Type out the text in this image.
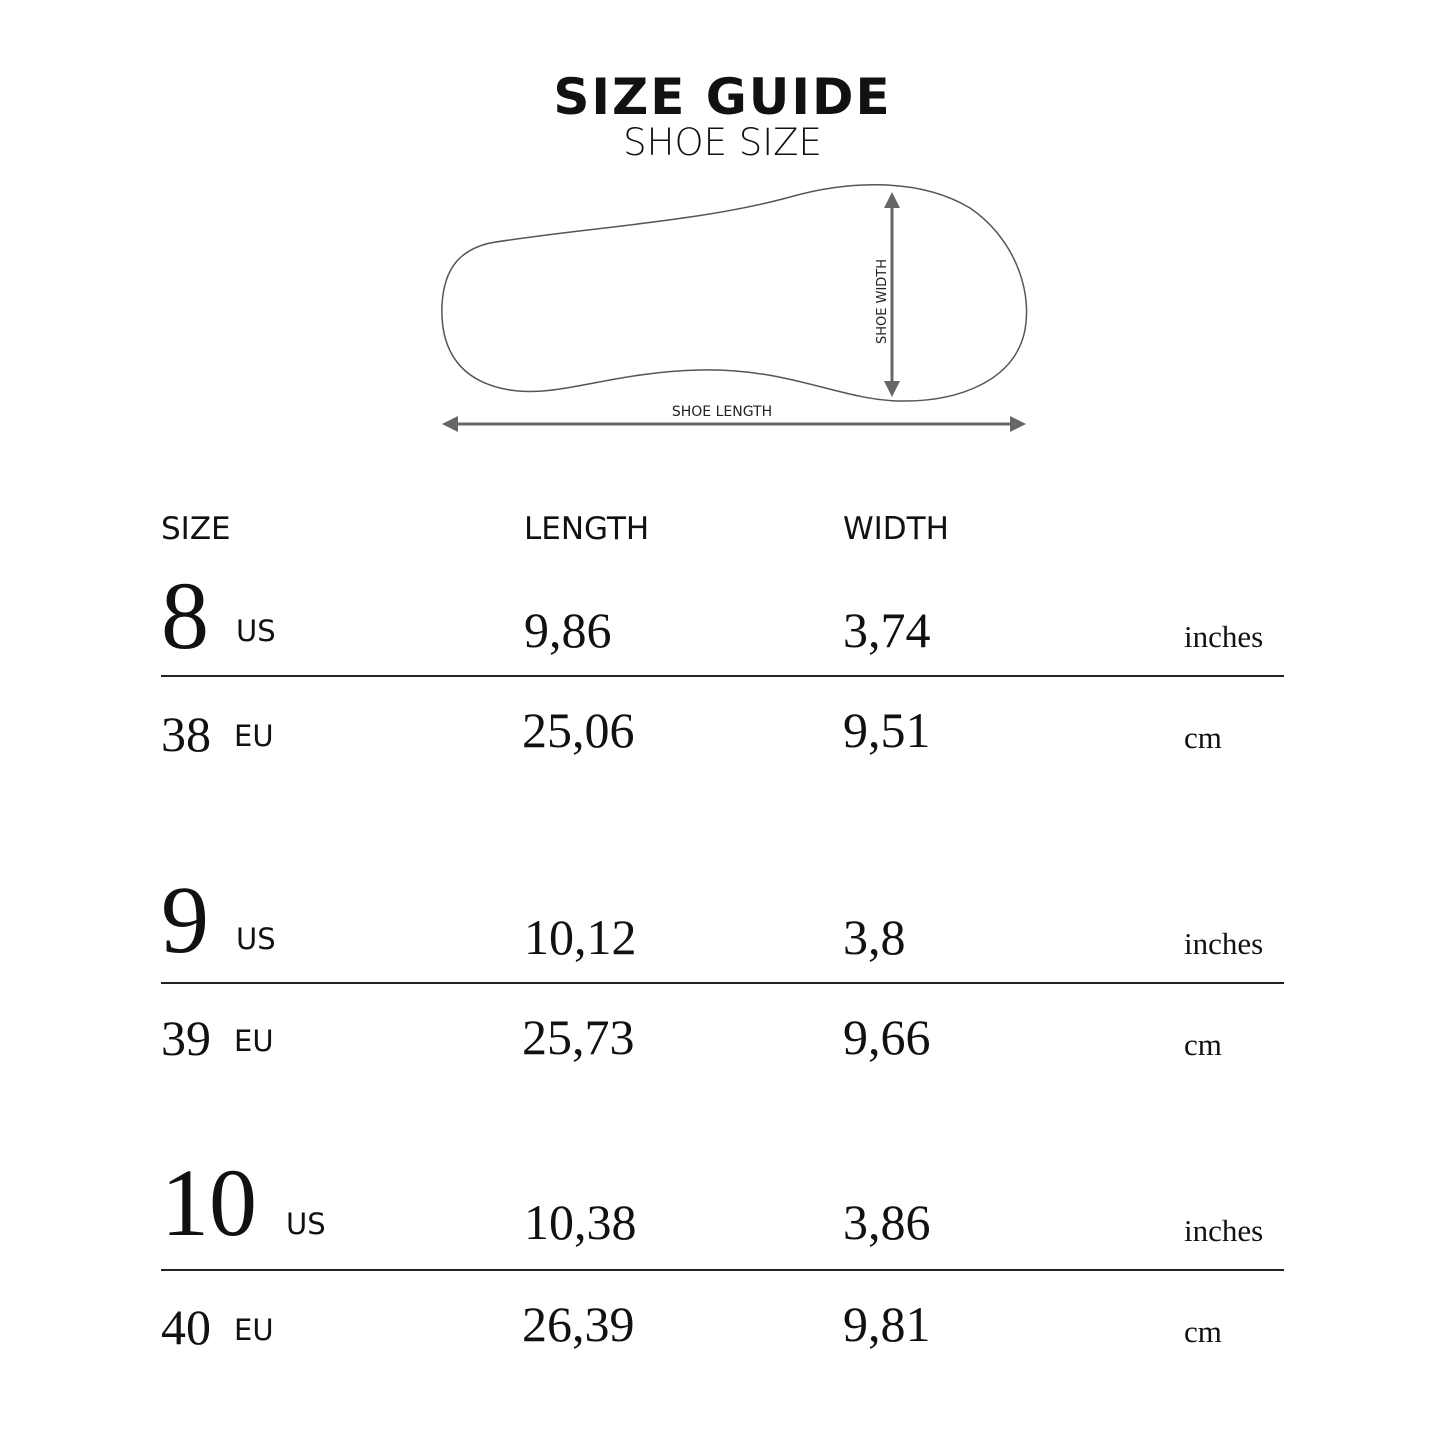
SIZE GUIDE
SHOE SIZE
SHOE WIDTH
SHOE LENGTH
SIZE	LENGTH	WIDTH
8 US	9,86	3,74	inches
38 EU	25,06	9,51	cm
9 US	10,12	3,8	inches
39 EU	25,73	9,66	cm
10 US	10,38	3,86	inches
40 EU	26,39	9,81	cm
